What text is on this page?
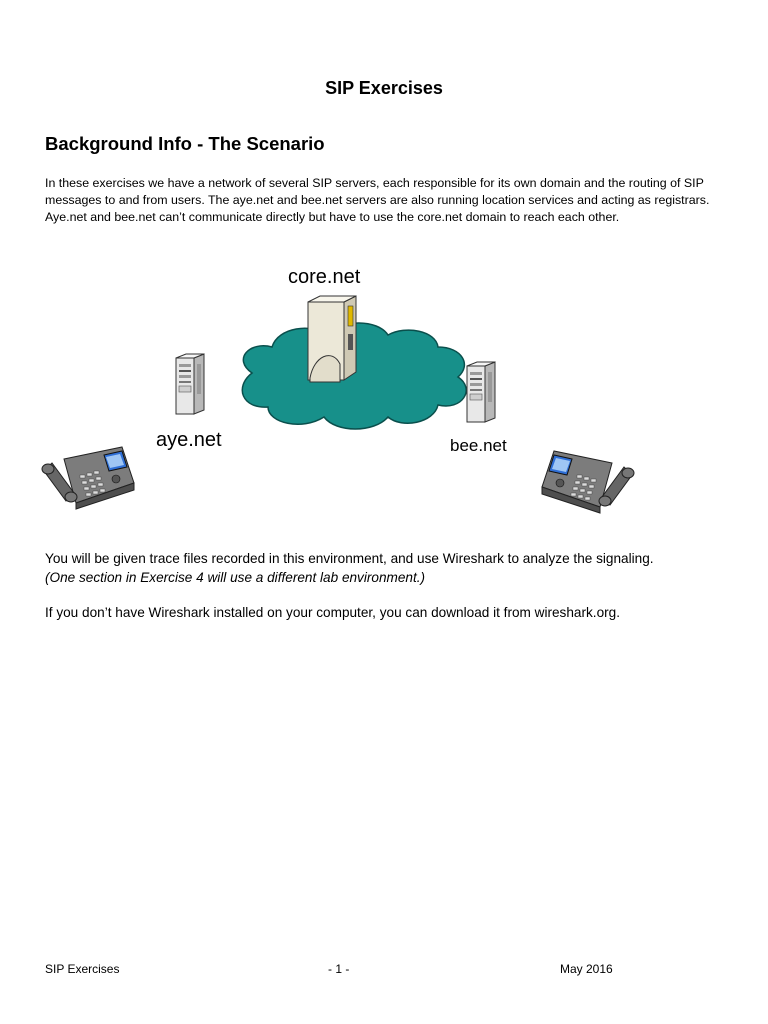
SIP Exercises
Background Info - The Scenario

In these exercises we have a network of several SIP servers, each responsible for its own domain and the routing of SIP messages to and from users. The aye.net and bee.net servers are also running location services and acting as registrars. Aye.net and bee.net can’t communicate directly but have to use the core.net domain to reach each other.

core.net
aye.net	bee.net

You will be given trace files recorded in this environment, and use Wireshark to analyze the signaling.
(One section in Exercise 4 will use a different lab environment.)

If you don’t have Wireshark installed on your computer, you can download it from wireshark.org.

SIP Exercises	- 1 -	May 2016
